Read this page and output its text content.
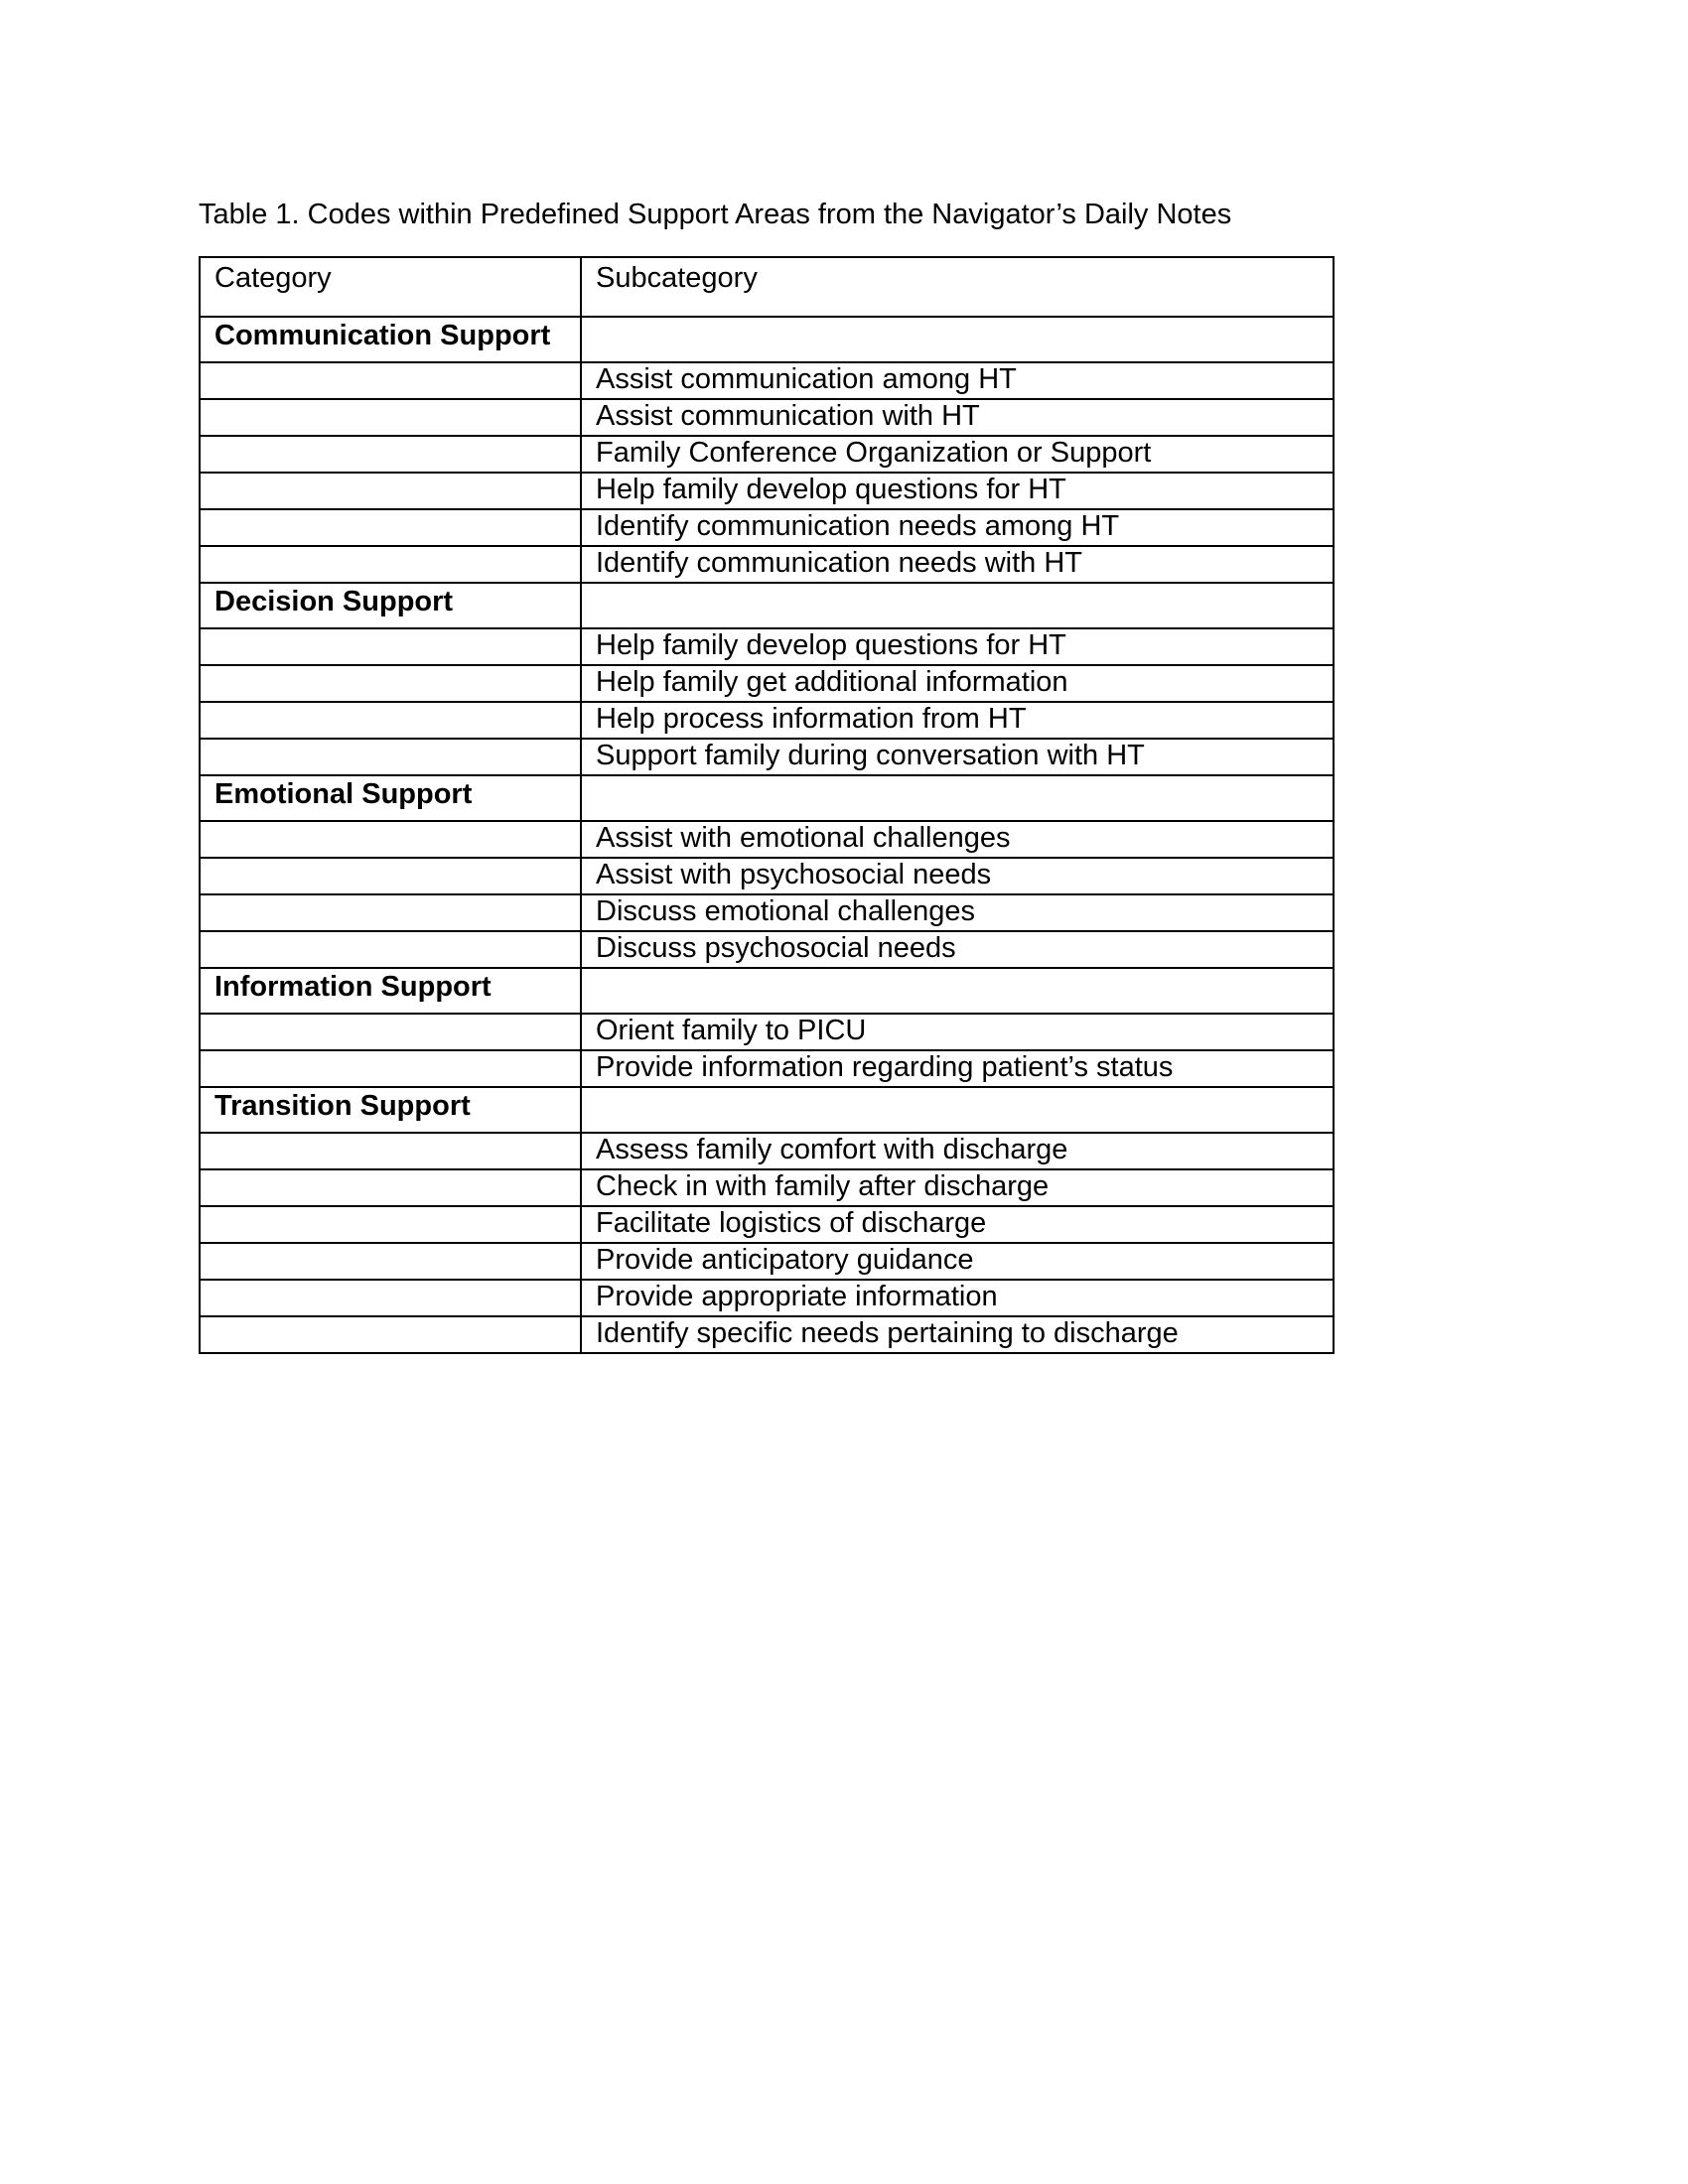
Table 1. Codes within Predefined Support Areas from the Navigator’s Daily Notes
Category	Subcategory
Communication Support	
	Assist communication among HT
	Assist communication with HT
	Family Conference Organization or Support
	Help family develop questions for HT
	Identify communication needs among HT
	Identify communication needs with HT
Decision Support	
	Help family develop questions for HT
	Help family get additional information
	Help process information from HT
	Support family during conversation with HT
Emotional Support	
	Assist with emotional challenges
	Assist with psychosocial needs
	Discuss emotional challenges
	Discuss psychosocial needs
Information Support	
	Orient family to PICU
	Provide information regarding patient’s status
Transition Support	
	Assess family comfort with discharge
	Check in with family after discharge
	Facilitate logistics of discharge
	Provide anticipatory guidance
	Provide appropriate information
	Identify specific needs pertaining to discharge
